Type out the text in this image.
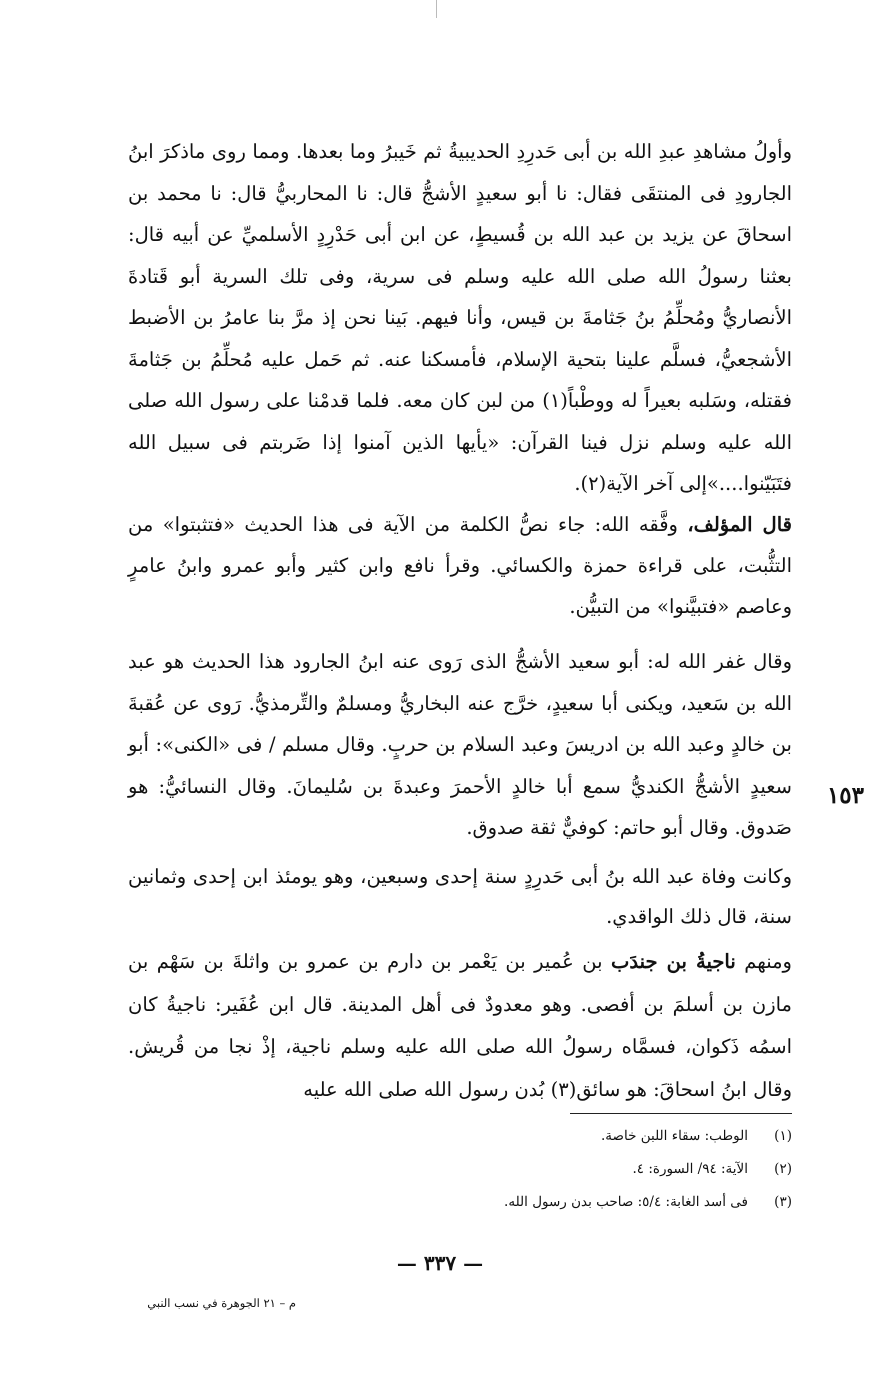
وأولُ مشاهدِ عبدِ الله بن أبى حَدرِدِ الحديبيةُ ثم خَيبرُ وما بعدها. ومما روى ماذكرَ ابنُ الجارودِ فى المنتقَى فقال: نا أبو سعيدٍ الأشجُّ قال: نا المحاربيُّ قال: نا محمد بن اسحاقَ عن يزيد بن عبد الله بن قُسيطٍ، عن ابن أبى حَدْرِدٍ الأسلميِّ عن أبيه قال: بعثنا رسولُ الله صلى الله عليه وسلم فى سرية، وفى تلك السرية أبو قَتادةَ الأنصاريُّ ومُحلِّمُ بنُ جَثامةَ بن قيس، وأنا فيهم. بَينا نحن إذ مرَّ بنا عامرُ بن الأضبط الأشجعيُّ، فسلَّم علينا بتحية الإسلام، فأمسكنا عنه. ثم حَمل عليه مُحلِّمُ بن جَثامةَ فقتله، وسَلبه بعيراً له ووطْباً(١) من لبن كان معه. فلما قدمْنا على رسول الله صلى الله عليه وسلم نزل فينا القرآن: «يأيها الذين آمنوا إذا ضَربتم فى سبيل الله فتَبَيّنوا....»إلى آخر الآية(٢).

قال المؤلف، وفَّقه الله: جاء نصُّ الكلمة من الآية فى هذا الحديث «فتثبتوا» من التثُّبت، على قراءة حمزة والكسائي. وقرأ نافع وابن كثير وأبو عمرو وابنُ عامرٍ وعاصم «فتبيَّنوا» من التبيُّن.

وقال غفر الله له: أبو سعيد الأشجُّ الذى رَوى عنه ابنُ الجارود هذا الحديث هو عبد الله بن سَعيد، ويكنى أبا سعيدٍ، خرَّج عنه البخاريُّ ومسلمٌ والتِّرمذيُّ. رَوى عن عُقبةَ بن خالدٍ وعبد الله بن ادريسَ وعبد السلام بن حربٍ. وقال مسلم / فى «الكنى»: أبو سعيدٍ الأشجُّ الكنديُّ سمع أبا خالدٍ الأحمرَ وعبدةَ بن سُليمانَ. وقال النسائيُّ: هو صَدوق. وقال أبو حاتم: كوفيٌّ ثقة صدوق.

١٥٣

وكانت وفاة عبد الله بنُ أبى حَدرِدٍ سنة إحدى وسبعين، وهو يومئذ ابن إحدى وثمانين سنة، قال ذلك الواقدي.

ومنهم ناجيةُ بن جندَب بن عُمير بن يَعْمر بن دارم بن عمرو بن واثلةَ بن سَهْم بن مازن بن أسلمَ بن أفصى. وهو معدودٌ فى أهل المدينة. قال ابن عُفَير: ناجيةُ كان اسمُه ذَكوان، فسمَّاه رسولُ الله صلى الله عليه وسلم ناجية، إذْ نجا من قُريش. وقال ابنُ اسحاقَ: هو سائق(٣) بُدن رسول الله صلى الله عليه

(١)
الوطب: سقاء اللبن خاصة.
(٢)
الآية: ٩٤/ السورة: ٤.
(٣)
فى أسد الغابة: ٥/٤: صاحب بدن رسول الله.
— ٣٣٧ —
م – ٢١ الجوهرة في نسب النبي
